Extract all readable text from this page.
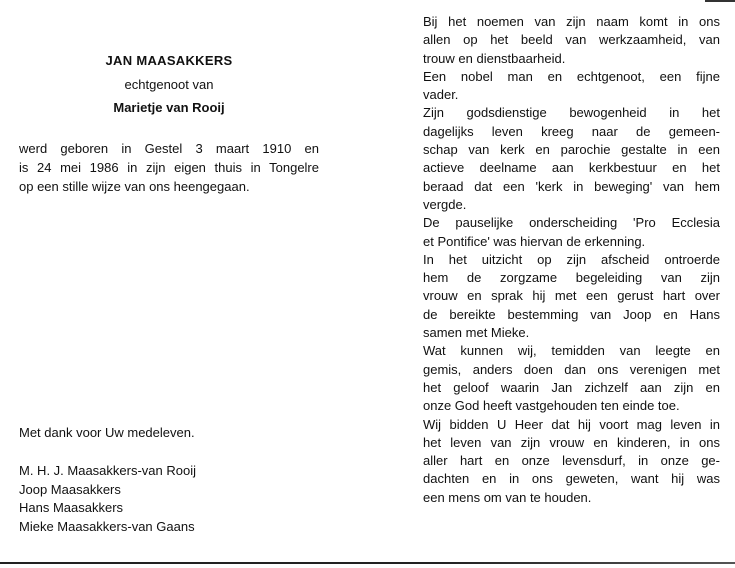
JAN MAASAKKERS
echtgenoot van
Marietje van Rooij
werd geboren in Gestel 3 maart 1910 en
is 24 mei 1986 in zijn eigen thuis in Tongelre
op een stille wijze van ons heengegaan.
Met dank voor Uw medeleven.
M. H. J. Maasakkers-van Rooij
Joop Maasakkers
Hans Maasakkers
Mieke Maasakkers-van Gaans
Bij het noemen van zijn naam komt in ons
allen op het beeld van werkzaamheid, van
trouw en dienstbaarheid.
Een nobel man en echtgenoot, een fijne
vader.
Zijn godsdienstige bewogenheid in het
dagelijks leven kreeg naar de gemeen-
schap van kerk en parochie gestalte in een
actieve deelname aan kerkbestuur en het
beraad dat een 'kerk in beweging' van hem
vergde.
De pauselijke onderscheiding 'Pro Ecclesia
et Pontifice' was hiervan de erkenning.
In het uitzicht op zijn afscheid ontroerde
hem de zorgzame begeleiding van zijn
vrouw en sprak hij met een gerust hart over
de bereikte bestemming van Joop en Hans
samen met Mieke.
Wat kunnen wij, temidden van leegte en
gemis, anders doen dan ons verenigen met
het geloof waarin Jan zichzelf aan zijn en
onze God heeft vastgehouden ten einde toe.
Wij bidden U Heer dat hij voort mag leven in
het leven van zijn vrouw en kinderen, in ons
aller hart en onze levensdurf, in onze ge-
dachten en in ons geweten, want hij was
een mens om van te houden.
